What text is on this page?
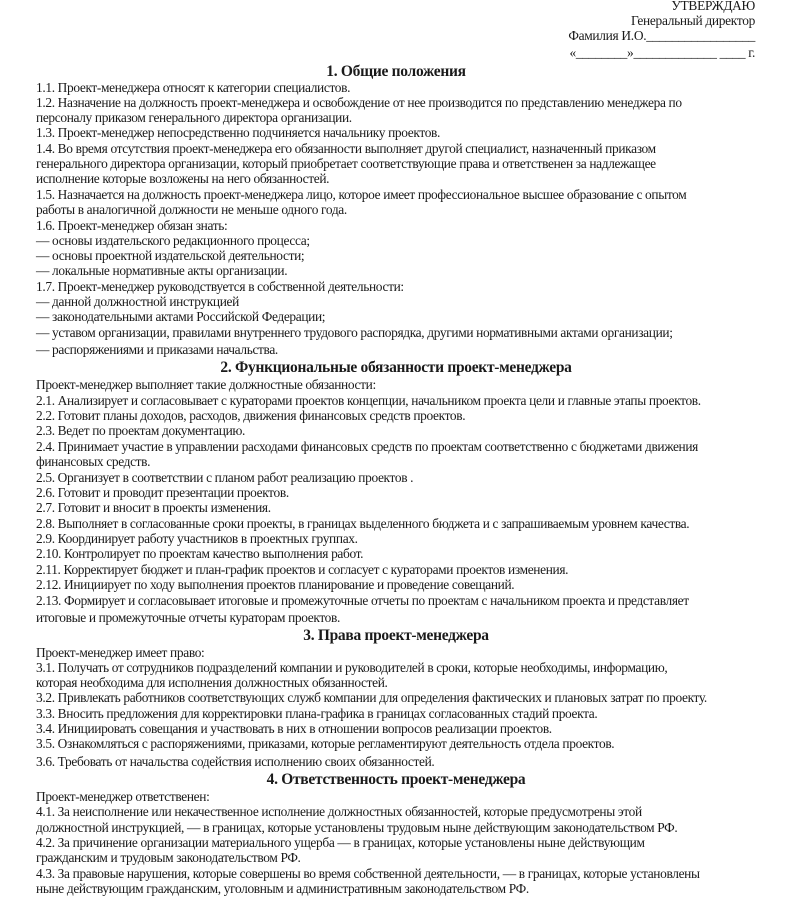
УТВЕРЖДАЮ
Генеральный директор
Фамилия И.О._________________
«________»_____________ ____ г.
1. Общие положения
1.1. Проект-менеджера относят к категории специалистов.
1.2. Назначение на должность проект-менеджера и освобождение от нее производится по представлению менеджера по
персоналу приказом генерального директора организации.
1.3. Проект-менеджер непосредственно подчиняется начальнику проектов.
1.4. Во время отсутствия проект-менеджера его обязанности выполняет другой специалист, назначенный приказом
генерального директора организации, который приобретает соответствующие права и ответственен за надлежащее
исполнение которые возложены на него обязанностей.
1.5. Назначается на должность проект-менеджера лицо, которое имеет профессиональное высшее образование с опытом
работы в аналогичной должности не меньше одного года.
1.6. Проект-менеджер обязан знать:
— основы издательского редакционного процесса;
— основы проектной издательской деятельности;
— локальные нормативные акты организации.
1.7. Проект-менеджер руководствуется в собственной деятельности:
— данной должностной инструкцией
— законодательными актами Российской Федерации;
— уставом организации, правилами внутреннего трудового распорядка, другими нормативными актами организации;
— распоряжениями и приказами начальства.
2. Функциональные обязанности проект-менеджера
Проект-менеджер выполняет такие должностные обязанности:
2.1. Анализирует и согласовывает с кураторами проектов концепции, начальником проекта цели и главные этапы проектов.
2.2. Готовит планы доходов, расходов, движения финансовых средств проектов.
2.3. Ведет по проектам документацию.
2.4. Принимает участие в управлении расходами финансовых средств по проектам соответственно с бюджетами движения
финансовых средств.
2.5. Организует в соответствии с планом работ реализацию проектов .
2.6. Готовит и проводит презентации проектов.
2.7. Готовит и вносит в проекты изменения.
2.8. Выполняет в согласованные сроки проекты, в границах выделенного бюджета и с запрашиваемым уровнем качества.
2.9. Координирует работу участников в проектных группах.
2.10. Контролирует по проектам качество выполнения работ.
2.11. Корректирует бюджет и план-график проектов и согласует с кураторами проектов изменения.
2.12. Инициирует по ходу выполнения проектов планирование и проведение совещаний.
2.13. Формирует и согласовывает итоговые и промежуточные отчеты по проектам с начальником проекта и представляет
итоговые и промежуточные отчеты кураторам проектов.
3. Права проект-менеджера
Проект-менеджер имеет право:
3.1. Получать от сотрудников подразделений компании и руководителей в сроки, которые необходимы, информацию,
которая необходима для исполнения должностных обязанностей.
3.2. Привлекать работников соответствующих служб компании для определения фактических и плановых затрат по проекту.
3.3. Вносить предложения для корректировки плана-графика в границах согласованных стадий проекта.
3.4. Инициировать совещания и участвовать в них в отношении вопросов реализации проектов.
3.5. Ознакомляться с распоряжениями, приказами, которые регламентируют деятельность отдела проектов.
3.6. Требовать от начальства содействия исполнению своих обязанностей.
4. Ответственность проект-менеджера
Проект-менеджер ответственен:
4.1. За неисполнение или некачественное исполнение должностных обязанностей, которые предусмотрены этой
должностной инструкцией, — в границах, которые установлены трудовым ныне действующим законодательством РФ.
4.2. За причинение организации материального ущерба — в границах, которые установлены ныне действующим
гражданским и трудовым законодательством РФ.
4.3. За правовые нарушения, которые совершены во время собственной деятельности, — в границах, которые установлены
ныне действующим гражданским, уголовным и административным законодательством РФ.
